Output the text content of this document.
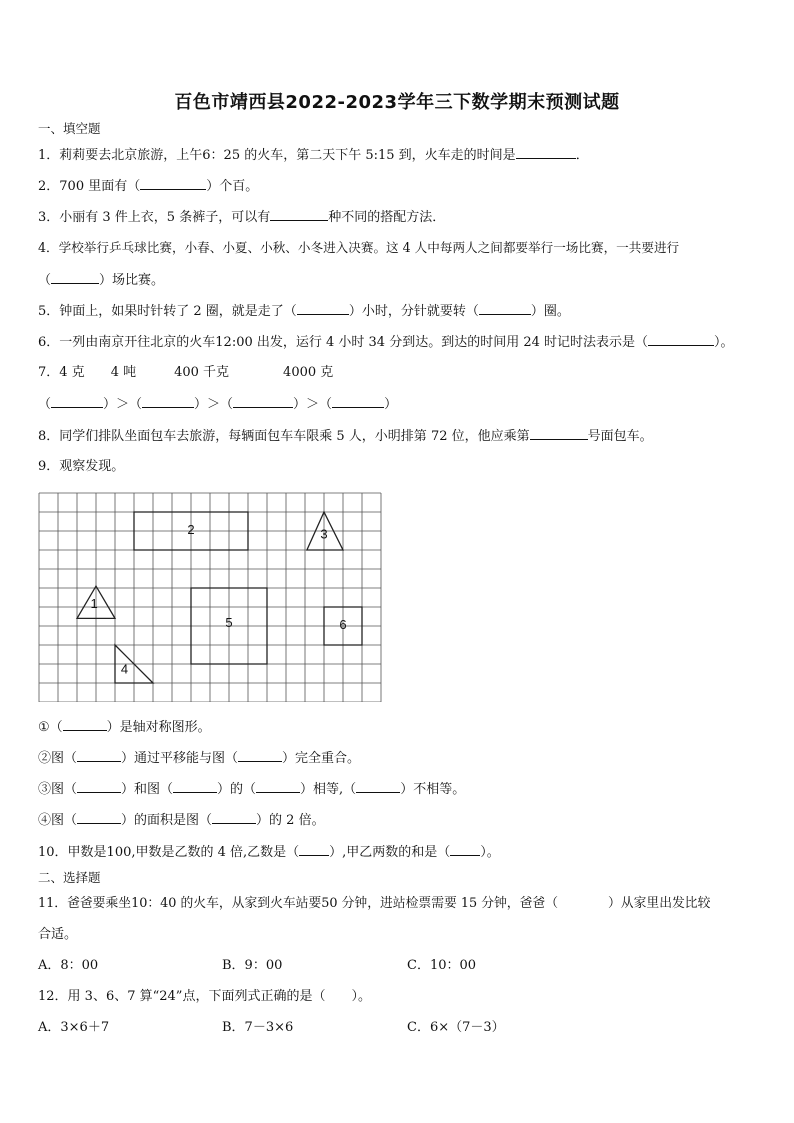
百色市靖西县2022-2023学年三下数学期末预测试题
一、填空题
1．莉莉要去北京旅游，上午6：25 的火车，第二天下午 5:15 到，火车走的时间是	．
2．700 里面有（	）个百。
3．小丽有 3 件上衣，5 条裤子，可以有	种不同的搭配方法．
4．学校举行乒乓球比赛，小春、小夏、小秋、小冬进入决赛。这 4 人中每两人之间都要举行一场比赛，一共要进行
（	）场比赛。
5．钟面上，如果时针转了 2 圈，就是走了（	）小时，分针就要转（	）圈。
6．一列由南京开往北京的火车12:00 出发，运行 4 小时 34 分到达。到达的时间用 24 时记时法表示是（	）。
7．4 克 4 吨	400 千克	4000 克
（	）＞（	）＞（	）＞（	）
8．同学们排队坐面包车去旅游，每辆面包车车限乘 5 人，小明排第 72 位，他应乘第	号面包车。
9．观察发现。
1
2	3
4
5	6
①（	）是轴对称图形。
②图（	）通过平移能与图（	）完全重合。
③图（	）和图（	）的（	）相等,（	）不相等。
④图（	）的面积是图（	）的 2 倍。
10．甲数是100,甲数是乙数的 4 倍,乙数是（ ）,甲乙两数的和是（ ）。
二、选择题
11．爸爸要乘坐10：40 的火车，从家到火车站要50 分钟，进站检票需要 15 分钟，爸爸（	）从家里出发比较
合适。
A．8：00	B．9：00	C．10：00
12．用 3、6、7 算“24”点，下面列式正确的是（　　）。
A．3×6＋7	B．7－3×6	C．6×（7－3）
